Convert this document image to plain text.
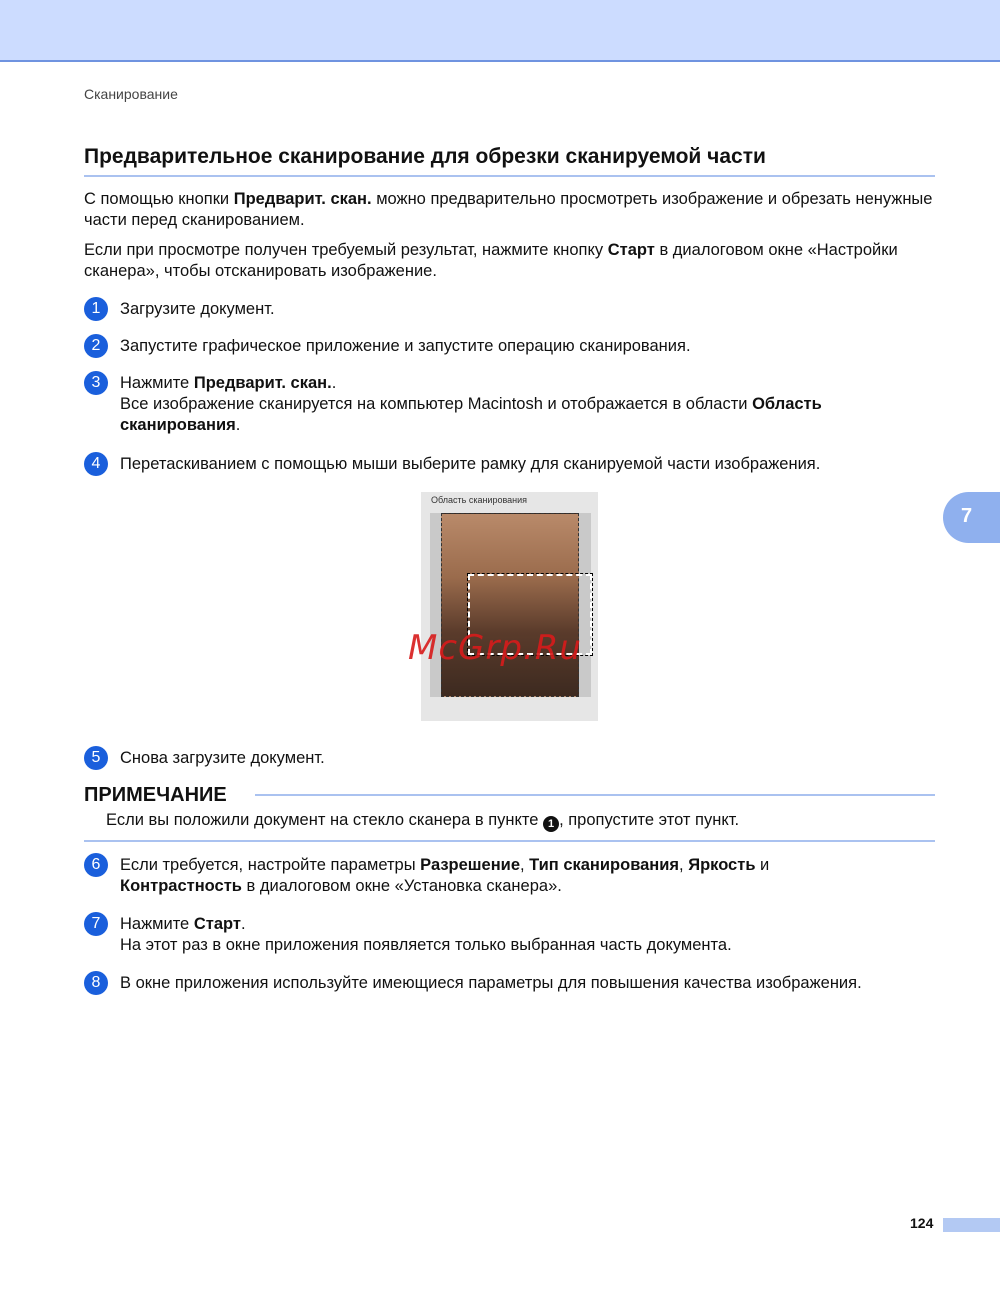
Сканирование
Предварительное сканирование для обрезки сканируемой части
С помощью кнопки Предварит. скан. можно предварительно просмотреть изображение и обрезать ненужные части перед сканированием.
Если при просмотре получен требуемый результат, нажмите кнопку Старт в диалоговом окне «Настройки сканера», чтобы отсканировать изображение.
1	Загрузите документ.
2	Запустите графическое приложение и запустите операцию сканирования.
3	Нажмите Предварит. скан..
Все изображение сканируется на компьютер Macintosh и отображается в области Область сканирования.
4	Перетаскиванием с помощью мыши выберите рамку для сканируемой части изображения.
Область сканирования
McGrp.Ru
7
5	Снова загрузите документ.
ПРИМЕЧАНИЕ
Если вы положили документ на стекло сканера в пункте 1 , пропустите этот пункт.
6	Если требуется, настройте параметры Разрешение, Тип сканирования, Яркость и
Контрастность в диалоговом окне «Установка сканера».
7	Нажмите Старт.
На этот раз в окне приложения появляется только выбранная часть документа.
8	В окне приложения используйте имеющиеся параметры для повышения качества изображения.
124
